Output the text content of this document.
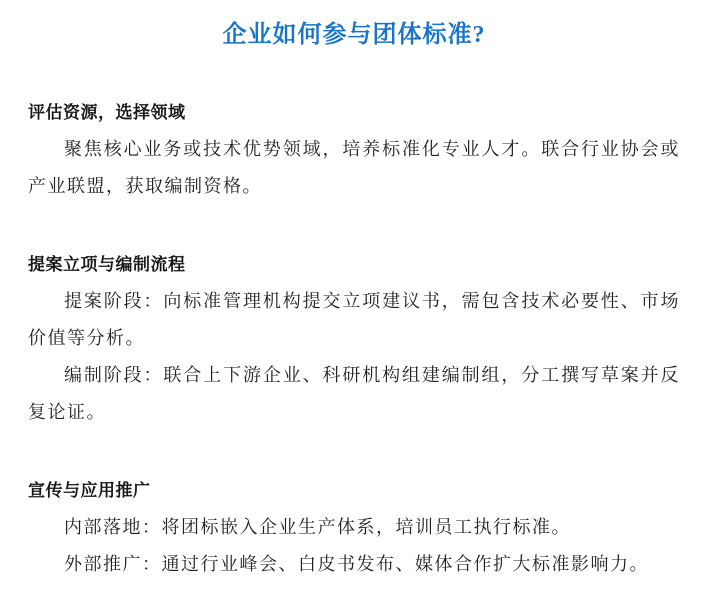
企业如何参与团体标准?
评估资源，选择领域

聚焦核心业务或技术优势领域，培养标准化专业人才。联合行业协会或产业联盟，获取编制资格。

提案立项与编制流程

提案阶段：向标准管理机构提交立项建议书，需包含技术必要性、市场价值等分析。

编制阶段：联合上下游企业、科研机构组建编制组，分工撰写草案并反复论证。

宣传与应用推广

内部落地：将团标嵌入企业生产体系，培训员工执行标准。

外部推广：通过行业峰会、白皮书发布、媒体合作扩大标准影响力。
